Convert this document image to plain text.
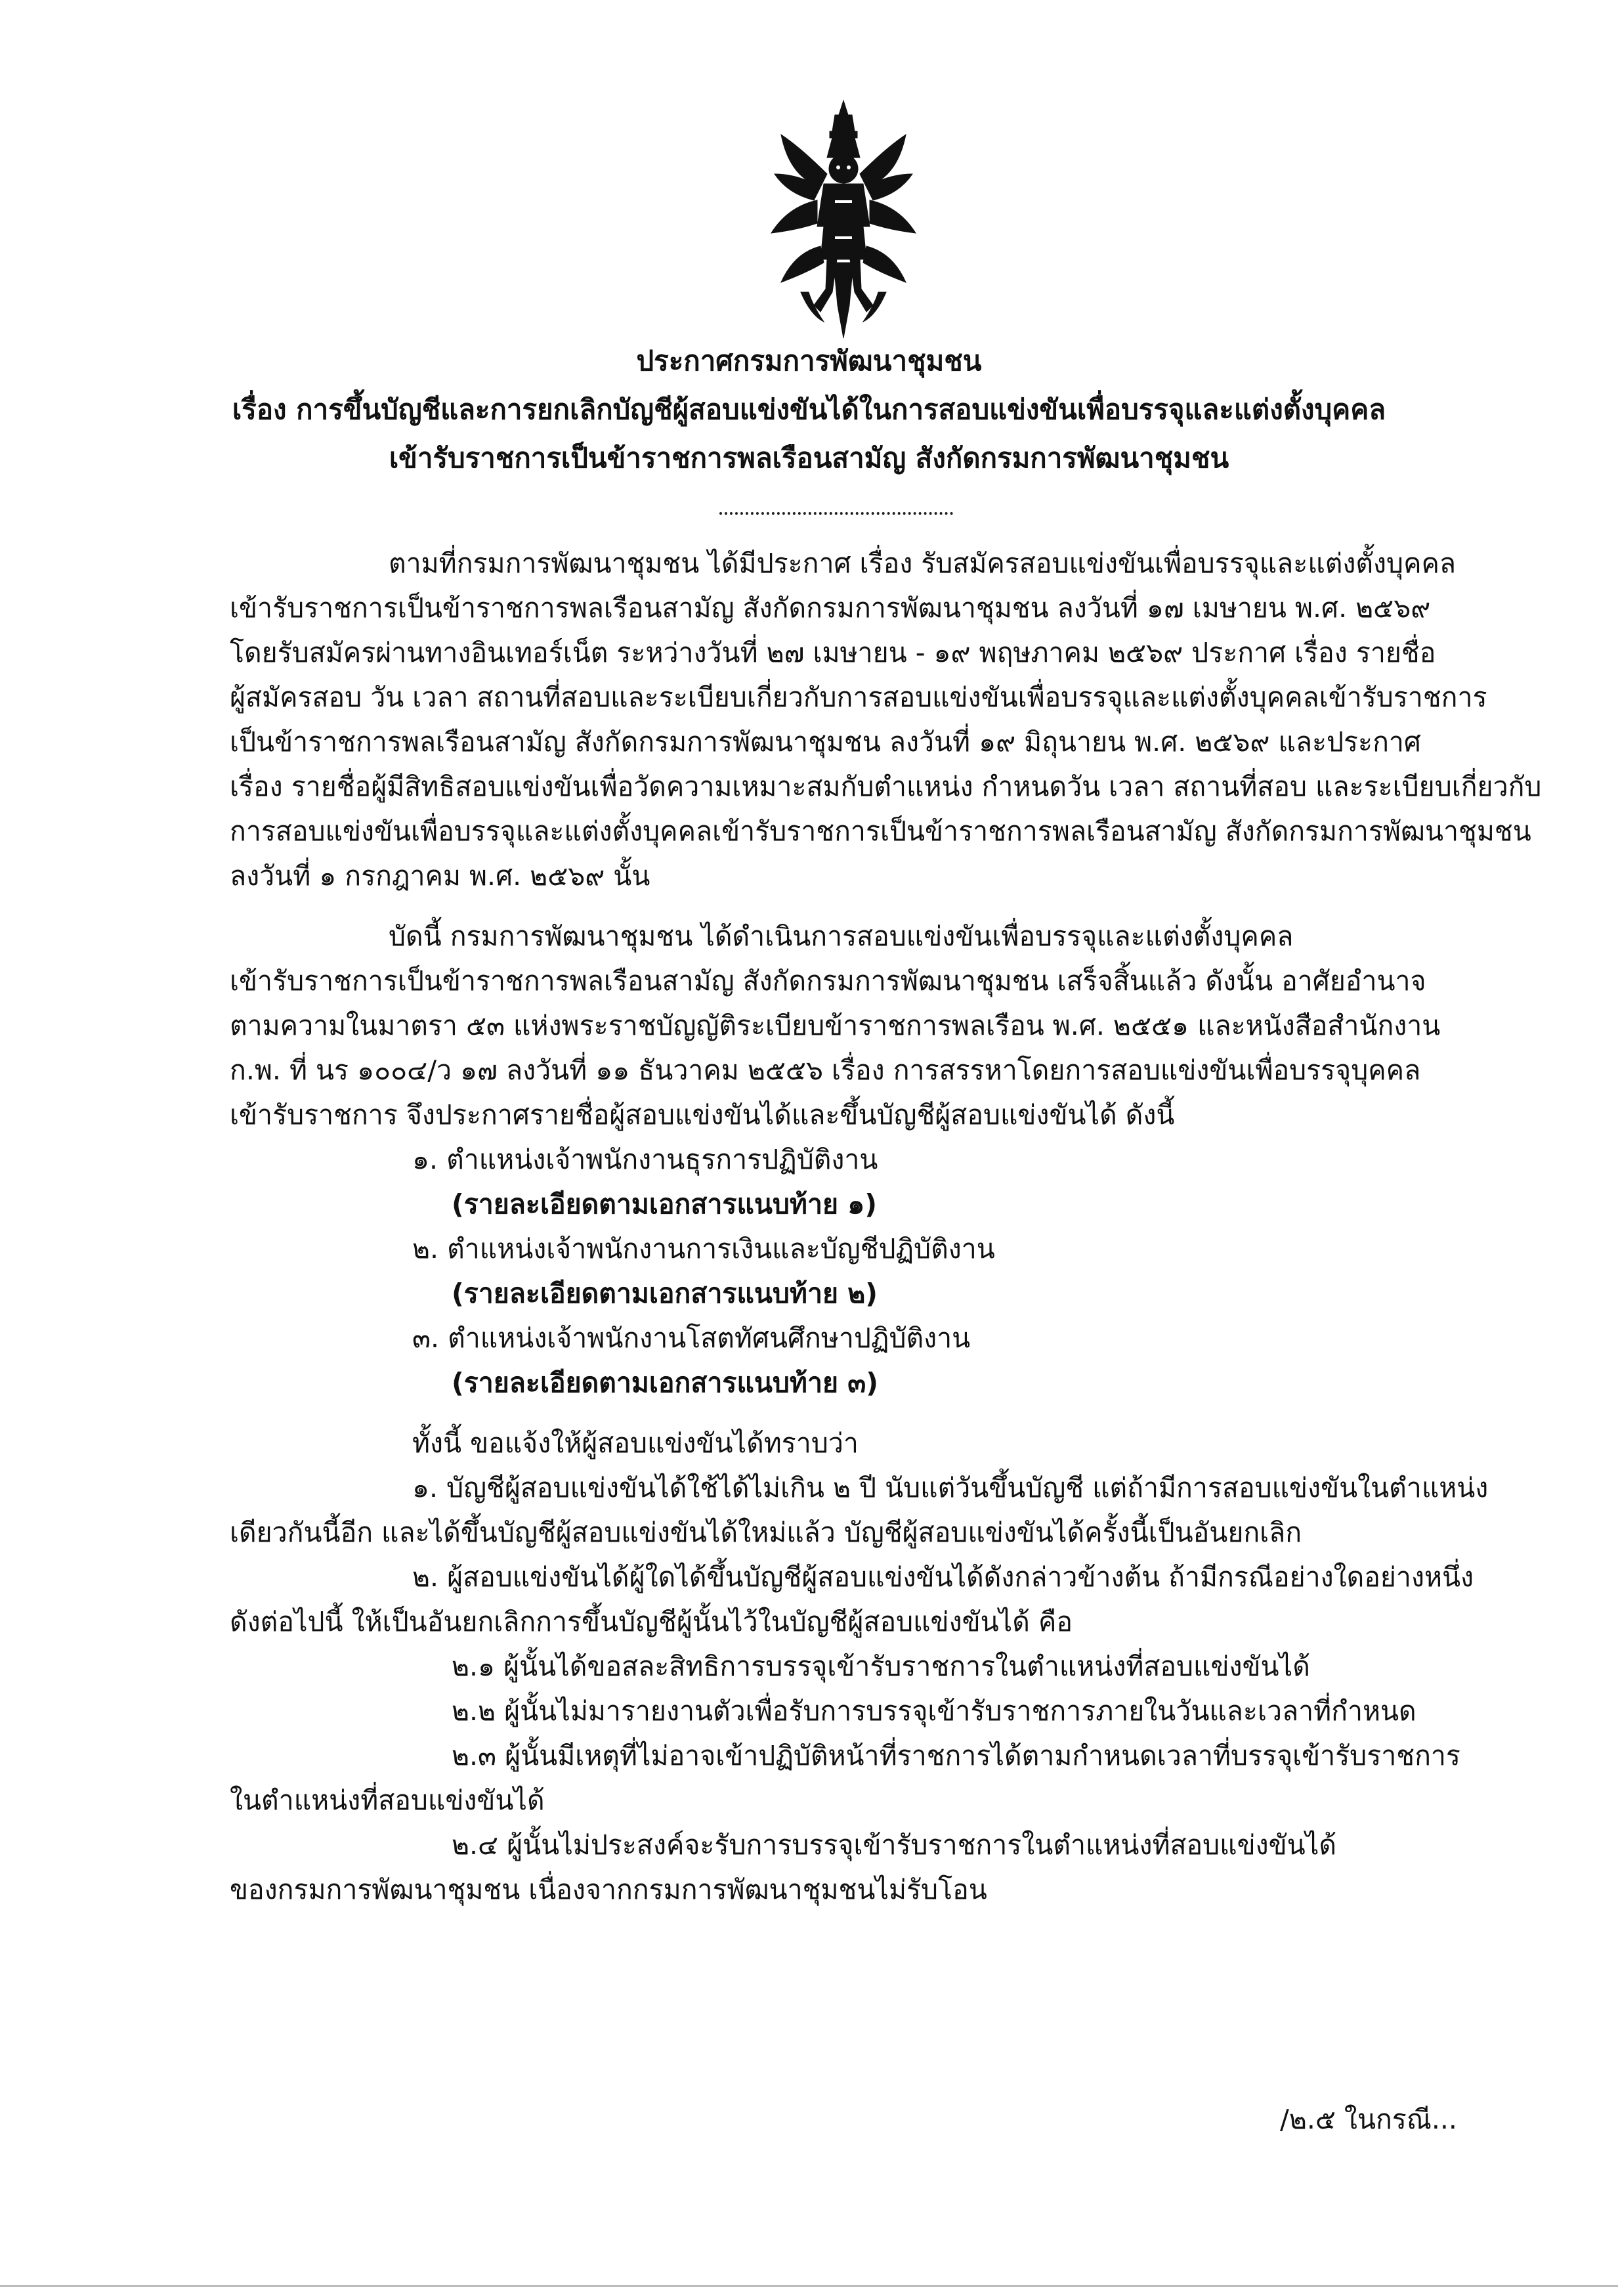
ประกาศกรมการพัฒนาชุมชน
เรื่อง การขึ้นบัญชีและการยกเลิกบัญชีผู้สอบแข่งขันได้ในการสอบแข่งขันเพื่อบรรจุและแต่งตั้งบุคคล
เข้ารับราชการเป็นข้าราชการพลเรือนสามัญ สังกัดกรมการพัฒนาชุมชน
ตามที่กรมการพัฒนาชุมชน ได้มีประกาศ เรื่อง รับสมัครสอบแข่งขันเพื่อบรรจุและแต่งตั้งบุคคล
เข้ารับราชการเป็นข้าราชการพลเรือนสามัญ สังกัดกรมการพัฒนาชุมชน ลงวันที่ ๑๗ เมษายน พ.ศ. ๒๕๖๙
โดยรับสมัครผ่านทางอินเทอร์เน็ต ระหว่างวันที่ ๒๗ เมษายน - ๑๙ พฤษภาคม ๒๕๖๙ ประกาศ เรื่อง รายชื่อ
ผู้สมัครสอบ วัน เวลา สถานที่สอบและระเบียบเกี่ยวกับการสอบแข่งขันเพื่อบรรจุและแต่งตั้งบุคคลเข้ารับราชการ
เป็นข้าราชการพลเรือนสามัญ สังกัดกรมการพัฒนาชุมชน ลงวันที่ ๑๙ มิถุนายน พ.ศ. ๒๕๖๙ และประกาศ
เรื่อง รายชื่อผู้มีสิทธิสอบแข่งขันเพื่อวัดความเหมาะสมกับตำแหน่ง กำหนดวัน เวลา สถานที่สอบ และระเบียบเกี่ยวกับ
การสอบแข่งขันเพื่อบรรจุและแต่งตั้งบุคคลเข้ารับราชการเป็นข้าราชการพลเรือนสามัญ สังกัดกรมการพัฒนาชุมชน
ลงวันที่ ๑ กรกฎาคม พ.ศ. ๒๕๖๙ นั้น
บัดนี้ กรมการพัฒนาชุมชน ได้ดำเนินการสอบแข่งขันเพื่อบรรจุและแต่งตั้งบุคคล
เข้ารับราชการเป็นข้าราชการพลเรือนสามัญ สังกัดกรมการพัฒนาชุมชน เสร็จสิ้นแล้ว ดังนั้น อาศัยอำนาจ
ตามความในมาตรา ๕๓ แห่งพระราชบัญญัติระเบียบข้าราชการพลเรือน พ.ศ. ๒๕๕๑ และหนังสือสำนักงาน
ก.พ. ที่ นร ๑๐๐๔/ว ๑๗ ลงวันที่ ๑๑ ธันวาคม ๒๕๕๖ เรื่อง การสรรหาโดยการสอบแข่งขันเพื่อบรรจุบุคคล
เข้ารับราชการ จึงประกาศรายชื่อผู้สอบแข่งขันได้และขึ้นบัญชีผู้สอบแข่งขันได้ ดังนี้
๑. ตำแหน่งเจ้าพนักงานธุรการปฏิบัติงาน
(รายละเอียดตามเอกสารแนบท้าย ๑)
๒. ตำแหน่งเจ้าพนักงานการเงินและบัญชีปฏิบัติงาน
(รายละเอียดตามเอกสารแนบท้าย ๒)
๓. ตำแหน่งเจ้าพนักงานโสตทัศนศึกษาปฏิบัติงาน
(รายละเอียดตามเอกสารแนบท้าย ๓)
ทั้งนี้ ขอแจ้งให้ผู้สอบแข่งขันได้ทราบว่า
๑. บัญชีผู้สอบแข่งขันได้ใช้ได้ไม่เกิน ๒ ปี นับแต่วันขึ้นบัญชี แต่ถ้ามีการสอบแข่งขันในตำแหน่ง
เดียวกันนี้อีก และได้ขึ้นบัญชีผู้สอบแข่งขันได้ใหม่แล้ว บัญชีผู้สอบแข่งขันได้ครั้งนี้เป็นอันยกเลิก
๒. ผู้สอบแข่งขันได้ผู้ใดได้ขึ้นบัญชีผู้สอบแข่งขันได้ดังกล่าวข้างต้น ถ้ามีกรณีอย่างใดอย่างหนึ่ง
ดังต่อไปนี้ ให้เป็นอันยกเลิกการขึ้นบัญชีผู้นั้นไว้ในบัญชีผู้สอบแข่งขันได้ คือ
๒.๑ ผู้นั้นได้ขอสละสิทธิการบรรจุเข้ารับราชการในตำแหน่งที่สอบแข่งขันได้
๒.๒ ผู้นั้นไม่มารายงานตัวเพื่อรับการบรรจุเข้ารับราชการภายในวันและเวลาที่กำหนด
๒.๓ ผู้นั้นมีเหตุที่ไม่อาจเข้าปฏิบัติหน้าที่ราชการได้ตามกำหนดเวลาที่บรรจุเข้ารับราชการ
ในตำแหน่งที่สอบแข่งขันได้
๒.๔ ผู้นั้นไม่ประสงค์จะรับการบรรจุเข้ารับราชการในตำแหน่งที่สอบแข่งขันได้
ของกรมการพัฒนาชุมชน เนื่องจากกรมการพัฒนาชุมชนไม่รับโอน
/๒.๕ ในกรณี...
